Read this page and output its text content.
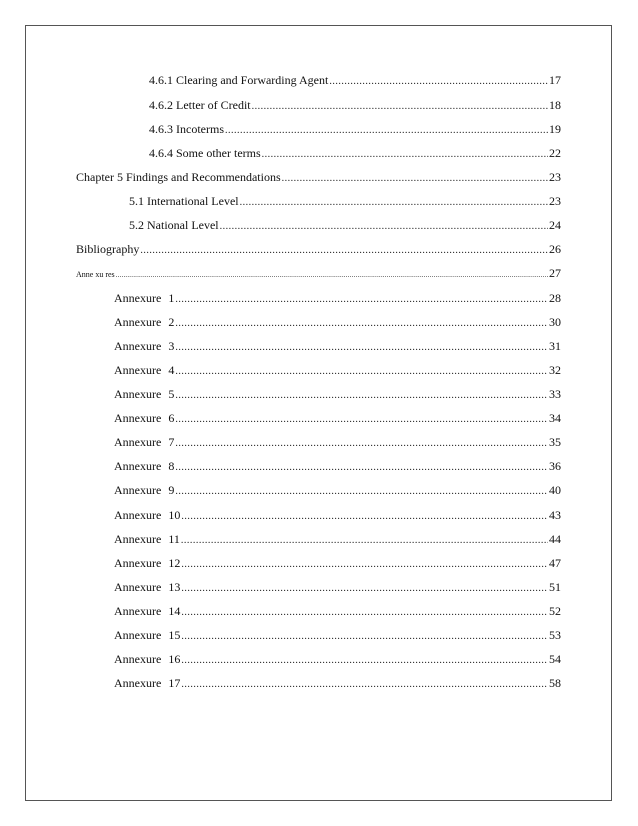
4.6.1 Clearing and Forwarding Agent .....	17
4.6.2 Letter of Credit .....	18
4.6.3 Incoterms .....	19
4.6.4 Some other terms .....	22
Chapter 5 Findings and Recommendations .....	23
5.1 International Level .....	23
5.2 National Level .....	24
Bibliography .....	26
Anne xu res .....	27
Annexure 1 .....	28
Annexure 2 .....	30
Annexure 3 .....	31
Annexure 4 .....	32
Annexure 5 .....	33
Annexure 6 .....	34
Annexure 7 .....	35
Annexure 8 .....	36
Annexure 9 .....	40
Annexure 10 .....	43
Annexure 11 .....	44
Annexure 12 .....	47
Annexure 13 .....	51
Annexure 14 .....	52
Annexure 15 .....	53
Annexure 16 .....	54
Annexure 17 .....	58
